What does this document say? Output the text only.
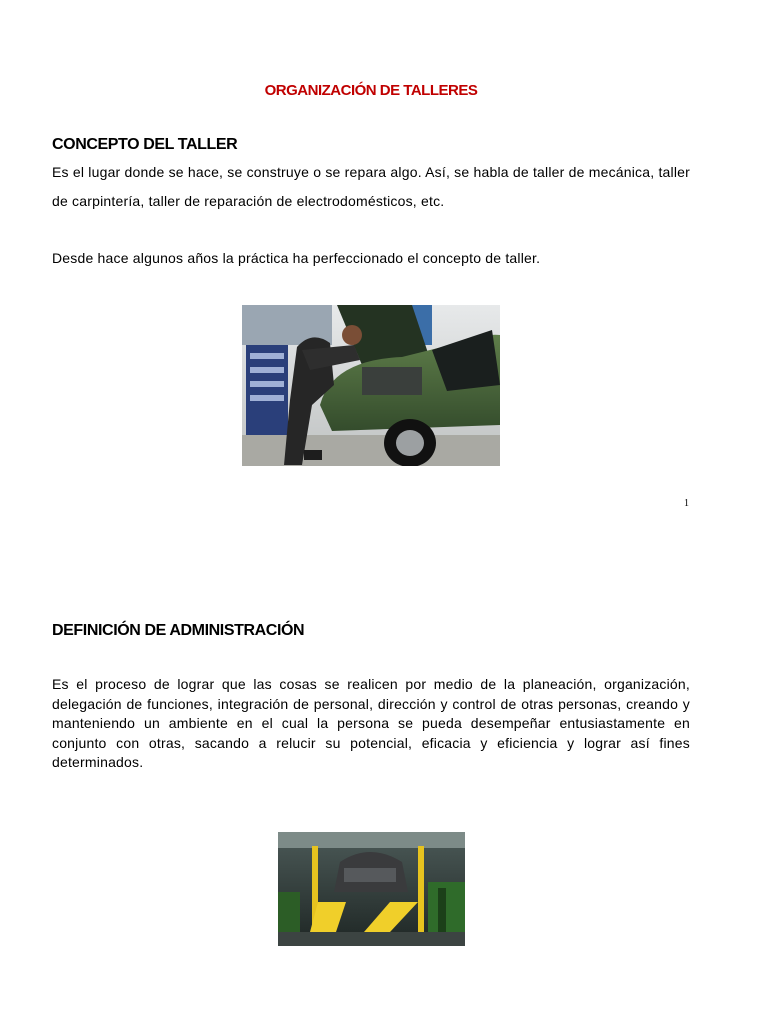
ORGANIZACIÓN DE TALLERES
CONCEPTO DEL TALLER
Es el lugar donde se hace, se construye o se repara algo. Así, se habla de taller de mecánica, taller de carpintería, taller de reparación de electrodomésticos, etc.
Desde hace algunos años la práctica ha perfeccionado el concepto de taller.
1
DEFINICIÓN DE ADMINISTRACIÓN
Es el proceso de lograr que las cosas se realicen por medio de la planeación, organización, delegación de funciones, integración de personal, dirección y control de otras personas, creando y manteniendo un ambiente en el cual la persona se pueda desempeñar entusiastamente en conjunto con otras, sacando a relucir su potencial, eficacia y eficiencia y lograr así fines determinados.
